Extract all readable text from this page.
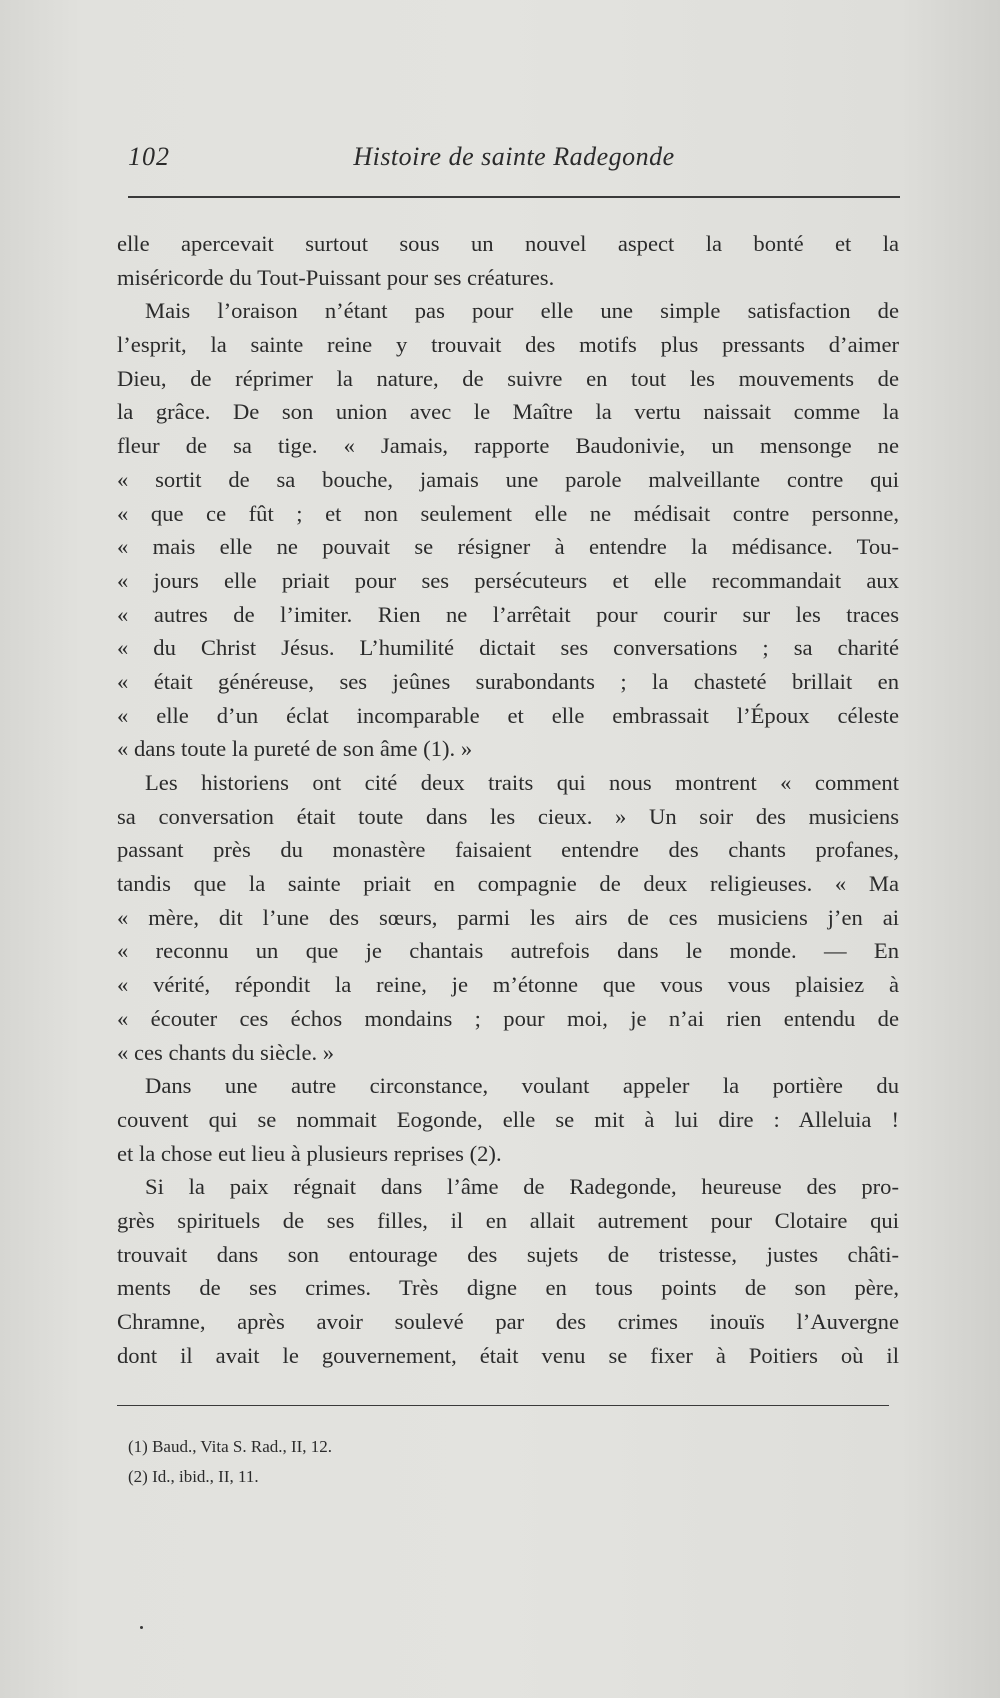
102	Histoire de sainte Radegonde
elle apercevait surtout sous un nouvel aspect la bonté et la
miséricorde du Tout-Puissant pour ses créatures.
Mais l’oraison n’étant pas pour elle une simple satisfaction de
l’esprit, la sainte reine y trouvait des motifs plus pressants d’aimer
Dieu, de réprimer la nature, de suivre en tout les mouvements de
la grâce. De son union avec le Maître la vertu naissait comme la
fleur de sa tige. « Jamais, rapporte Baudonivie, un mensonge ne
« sortit de sa bouche, jamais une parole malveillante contre qui
« que ce fût ; et non seulement elle ne médisait contre personne,
« mais elle ne pouvait se résigner à entendre la médisance. Tou-
« jours elle priait pour ses persécuteurs et elle recommandait aux
« autres de l’imiter. Rien ne l’arrêtait pour courir sur les traces
« du Christ Jésus. L’humilité dictait ses conversations ; sa charité
« était généreuse, ses jeûnes surabondants ; la chasteté brillait en
« elle d’un éclat incomparable et elle embrassait l’Époux céleste
« dans toute la pureté de son âme (1). »
Les historiens ont cité deux traits qui nous montrent « comment
sa conversation était toute dans les cieux. » Un soir des musiciens
passant près du monastère faisaient entendre des chants profanes,
tandis que la sainte priait en compagnie de deux religieuses. « Ma
« mère, dit l’une des sœurs, parmi les airs de ces musiciens j’en ai
« reconnu un que je chantais autrefois dans le monde. — En
« vérité, répondit la reine, je m’étonne que vous vous plaisiez à
« écouter ces échos mondains ; pour moi, je n’ai rien entendu de
« ces chants du siècle. »
Dans une autre circonstance, voulant appeler la portière du
couvent qui se nommait Eogonde, elle se mit à lui dire : Alleluia !
et la chose eut lieu à plusieurs reprises (2).
Si la paix régnait dans l’âme de Radegonde, heureuse des pro-
grès spirituels de ses filles, il en allait autrement pour Clotaire qui
trouvait dans son entourage des sujets de tristesse, justes châti-
ments de ses crimes. Très digne en tous points de son père,
Chramne, après avoir soulevé par des crimes inouïs l’Auvergne
dont il avait le gouvernement, était venu se fixer à Poitiers où il
(1) Baud., Vita S. Rad., II, 12.
(2) Id., ibid., II, 11.
